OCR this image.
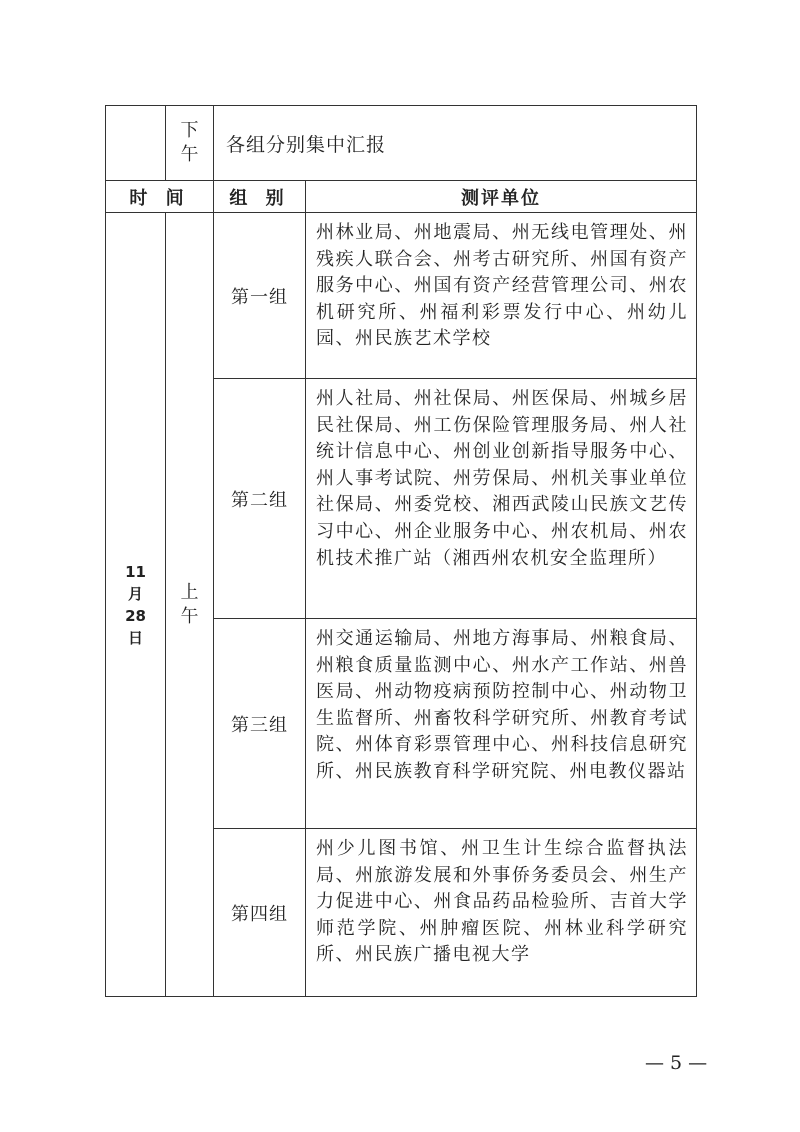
	下午	各组分别集中汇报	
时 间		组 别	测评单位

11
月
28
日	上午	第一组	州林业局、州地震局、州无线电管理处、州残疾人联合会、州考古研究所、州国有资产服务中心、州国有资产经营管理公司、州农机研究所、州福利彩票发行中心、州幼儿园、州民族艺术学校
		第二组	州人社局、州社保局、州医保局、州城乡居民社保局、州工伤保险管理服务局、州人社统计信息中心、州创业创新指导服务中心、州人事考试院、州劳保局、州机关事业单位社保局、州委党校、湘西武陵山民族文艺传习中心、州企业服务中心、州农机局、州农机技术推广站（湘西州农机安全监理所）
		第三组	州交通运输局、州地方海事局、州粮食局、州粮食质量监测中心、州水产工作站、州兽医局、州动物疫病预防控制中心、州动物卫生监督所、州畜牧科学研究所、州教育考试院、州体育彩票管理中心、州科技信息研究所、州民族教育科学研究院、州电教仪器站
		第四组	州少儿图书馆、州卫生计生综合监督执法局、州旅游发展和外事侨务委员会、州生产力促进中心、州食品药品检验所、吉首大学师范学院、州肿瘤医院、州林业科学研究所、州民族广播电视大学
— 5 —
